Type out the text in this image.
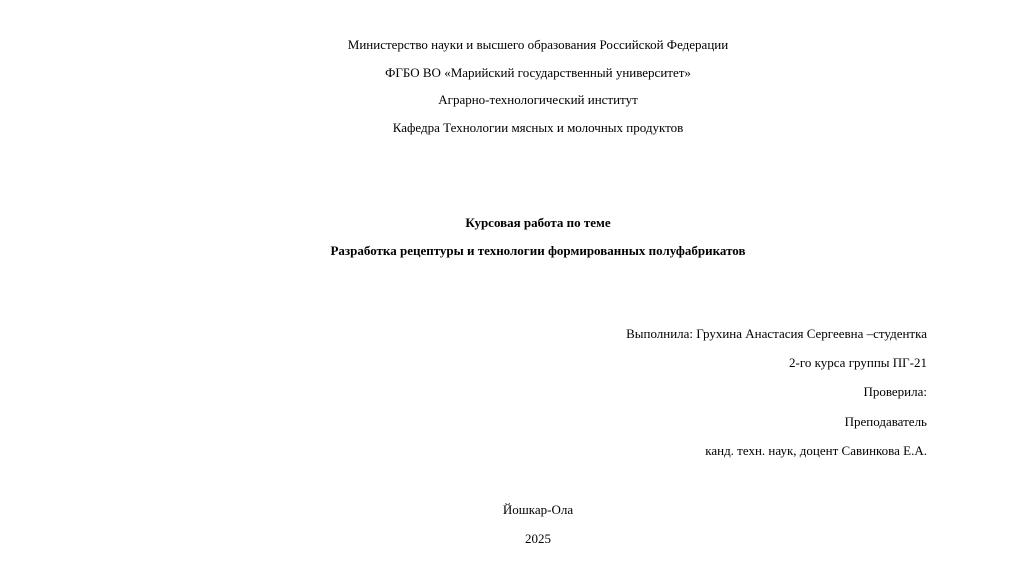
Министерство науки и высшего образования Российской Федерации
ФГБО ВО «Марийский государственный университет»
Аграрно-технологический институт
Кафедра Технологии мясных и молочных продуктов
Курсовая работа по теме
Разработка рецептуры и технологии формированных полуфабрикатов
Выполнила: Грухина Анастасия Сергеевна –студентка
2-го курса группы ПГ-21
Проверила:
Преподаватель
канд. техн. наук, доцент Савинкова Е.А.
Йошкар-Ола
2025
